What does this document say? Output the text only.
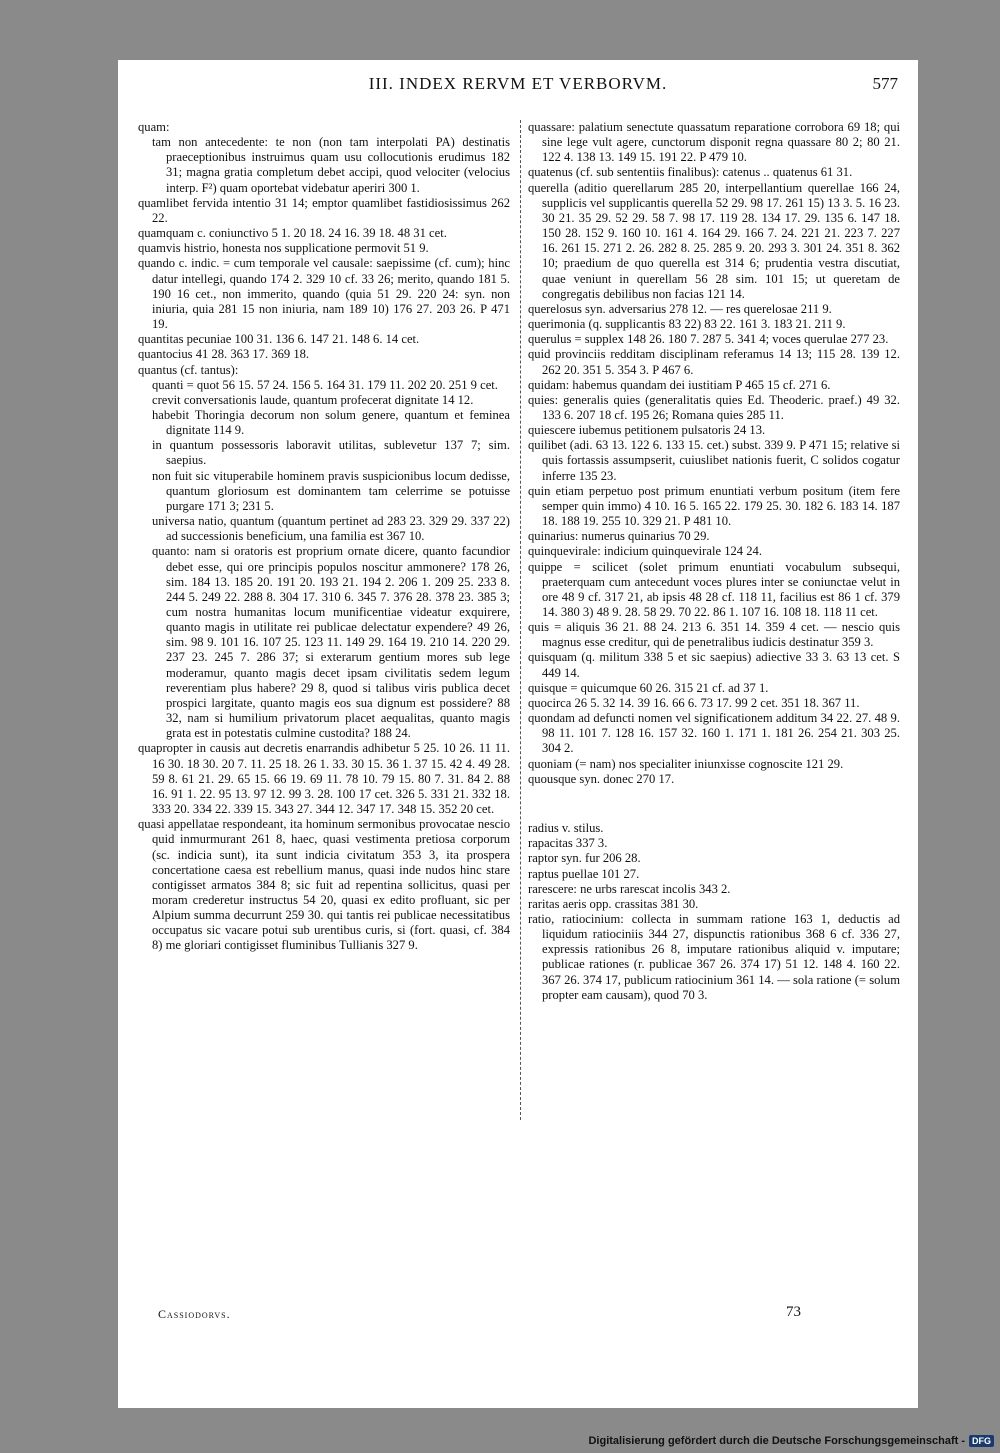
III. INDEX RERVM ET VERBORVM.	577

quam:

tam non antecedente: te non (non tam interpolati PA) destinatis praeceptionibus instruimus quam usu collocutionis erudimus 182 31; magna gratia completum debet accipi, quod velociter (velocius interp. F²) quam oportebat videbatur aperiri 300 1.

quamlibet fervida intentio 31 14; emptor quamlibet fastidiosissimus 262 22.

quamquam c. coniunctivo 5 1. 20 18. 24 16. 39 18. 48 31 cet.

quamvis histrio, honesta nos supplicatione permovit 51 9.

quando c. indic. = cum temporale vel causale: saepissime (cf. cum); hinc datur intellegi, quando 174 2. 329 10 cf. 33 26; merito, quando 181 5. 190 16 cet., non immerito, quando (quia 51 29. 220 24: syn. non iniuria, quia 281 15 non iniuria, nam 189 10) 176 27. 203 26. P 471 19.

quantitas pecuniae 100 31. 136 6. 147 21. 148 6. 14 cet.

quantocius 41 28. 363 17. 369 18.

quantus (cf. tantus):

quanti = quot 56 15. 57 24. 156 5. 164 31. 179 11. 202 20. 251 9 cet.

crevit conversationis laude, quantum profecerat dignitate 14 12.

habebit Thoringia decorum non solum genere, quantum et feminea dignitate 114 9.

in quantum possessoris laboravit utilitas, sublevetur 137 7; sim. saepius.

non fuit sic vituperabile hominem pravis suspicionibus locum dedisse, quantum gloriosum est dominantem tam celerrime se potuisse purgare 171 3; 231 5.

universa natio, quantum (quantum pertinet ad 283 23. 329 29. 337 22) ad successionis beneficium, una familia est 367 10.

quanto: nam si oratoris est proprium ornate dicere, quanto facundior debet esse, qui ore principis populos noscitur ammonere? 178 26, sim. 184 13. 185 20. 191 20. 193 21. 194 2. 206 1. 209 25. 233 8. 244 5. 249 22. 288 8. 304 17. 310 6. 345 7. 376 28. 378 23. 385 3; cum nostra humanitas locum munificentiae videatur exquirere, quanto magis in utilitate rei publicae delectatur expendere? 49 26, sim. 98 9. 101 16. 107 25. 123 11. 149 29. 164 19. 210 14. 220 29. 237 23. 245 7. 286 37; si exterarum gentium mores sub lege moderamur, quanto magis decet ipsam civilitatis sedem legum reverentiam plus habere? 29 8, quod si talibus viris publica decet prospici largitate, quanto magis eos sua dignum est possidere? 88 32, nam si humilium privatorum placet aequalitas, quanto magis grata est in potestatis culmine custodita? 188 24.

quapropter in causis aut decretis enarrandis adhibetur 5 25. 10 26. 11 11. 16 30. 18 30. 20 7. 11. 25 18. 26 1. 33. 30 15. 36 1. 37 15. 42 4. 49 28. 59 8. 61 21. 29. 65 15. 66 19. 69 11. 78 10. 79 15. 80 7. 31. 84 2. 88 16. 91 1. 22. 95 13. 97 12. 99 3. 28. 100 17 cet. 326 5. 331 21. 332 18. 333 20. 334 22. 339 15. 343 27. 344 12. 347 17. 348 15. 352 20 cet.

quasi appellatae respondeant, ita hominum sermonibus provocatae nescio quid inmurmurant 261 8, haec, quasi vestimenta pretiosa corporum (sc. indicia sunt), ita sunt indicia civitatum 353 3, ita prospera concertatione caesa est rebellium manus, quasi inde nudos hinc stare contigisset armatos 384 8; sic fuit ad repentina sollicitus, quasi per moram crederetur instructus 54 20, quasi ex edito profluant, sic per Alpium summa decurrunt 259 30. qui tantis rei publicae necessitatibus occupatus sic vacare potui sub urentibus curis, si (fort. quasi, cf. 384 8) me gloriari contigisset fluminibus Tullianis 327 9.

quassare: palatium senectute quassatum reparatione corrobora 69 18; qui sine lege vult agere, cunctorum disponit regna quassare 80 2; 80 21. 122 4. 138 13. 149 15. 191 22. P 479 10.

quatenus (cf. sub sententiis finalibus): catenus .. quatenus 61 31.

querella (aditio querellarum 285 20, interpellantium querellae 166 24, supplicis vel supplicantis querella 52 29. 98 17. 261 15) 13 3. 5. 16 23. 30 21. 35 29. 52 29. 58 7. 98 17. 119 28. 134 17. 29. 135 6. 147 18. 150 28. 152 9. 160 10. 161 4. 164 29. 166 7. 24. 221 21. 223 7. 227 16. 261 15. 271 2. 26. 282 8. 25. 285 9. 20. 293 3. 301 24. 351 8. 362 10; praedium de quo querella est 314 6; prudentia vestra discutiat, quae veniunt in querellam 56 28 sim. 101 15; ut queretam de congregatis debilibus non facias 121 14.

querelosus syn. adversarius 278 12. — res querelosae 211 9.

querimonia (q. supplicantis 83 22) 83 22. 161 3. 183 21. 211 9.

querulus = supplex 148 26. 180 7. 287 5. 341 4; voces querulae 277 23.

quid provinciis redditam disciplinam referamus 14 13; 115 28. 139 12. 262 20. 351 5. 354 3. P 467 6.

quidam: habemus quandam dei iustitiam P 465 15 cf. 271 6.

quies: generalis quies (generalitatis quies Ed. Theoderic. praef.) 49 32. 133 6. 207 18 cf. 195 26; Romana quies 285 11.

quiescere iubemus petitionem pulsatoris 24 13.

quilibet (adi. 63 13. 122 6. 133 15. cet.) subst. 339 9. P 471 15; relative si quis fortassis assumpserit, cuiuslibet nationis fuerit, C solidos cogatur inferre 135 23.

quin etiam perpetuo post primum enuntiati verbum positum (item fere semper quin immo) 4 10. 16 5. 165 22. 179 25. 30. 182 6. 183 14. 187 18. 188 19. 255 10. 329 21. P 481 10.

quinarius: numerus quinarius 70 29.

quinquevirale: indicium quinquevirale 124 24.

quippe = scilicet (solet primum enuntiati vocabulum subsequi, praeterquam cum antecedunt voces plures inter se coniunctae velut in ore 48 9 cf. 317 21, ab ipsis 48 28 cf. 118 11, facilius est 86 1 cf. 379 14. 380 3) 48 9. 28. 58 29. 70 22. 86 1. 107 16. 108 18. 118 11 cet.

quis = aliquis 36 21. 88 24. 213 6. 351 14. 359 4 cet. — nescio quis magnus esse creditur, qui de penetralibus iudicis destinatur 359 3.

quisquam (q. militum 338 5 et sic saepius) adiective 33 3. 63 13 cet. S 449 14.

quisque = quicumque 60 26. 315 21 cf. ad 37 1.

quocirca 26 5. 32 14. 39 16. 66 6. 73 17. 99 2 cet. 351 18. 367 11.

quondam ad defuncti nomen vel significationem additum 34 22. 27. 48 9. 98 11. 101 7. 128 16. 157 32. 160 1. 171 1. 181 26. 254 21. 303 25. 304 2.

quoniam (= nam) nos specialiter iniunxisse cognoscite 121 29.

quousque syn. donec 270 17.

radius v. stilus.

rapacitas 337 3.

raptor syn. fur 206 28.

raptus puellae 101 27.

rarescere: ne urbs rarescat incolis 343 2.

raritas aeris opp. crassitas 381 30.

ratio, ratiocinium: collecta in summam ratione 163 1, deductis ad liquidum ratiociniis 344 27, dispunctis rationibus 368 6 cf. 336 27, expressis rationibus 26 8, imputare rationibus aliquid v. imputare; publicae rationes (r. publicae 367 26. 374 17) 51 12. 148 4. 160 22. 367 26. 374 17, publicum ratiocinium 361 14. — sola ratione (= solum propter eam causam), quod 70 3.

Cassiodorvs.	73
Digitalisierung gefördert durch die Deutsche Forschungsgemeinschaft - DFG
